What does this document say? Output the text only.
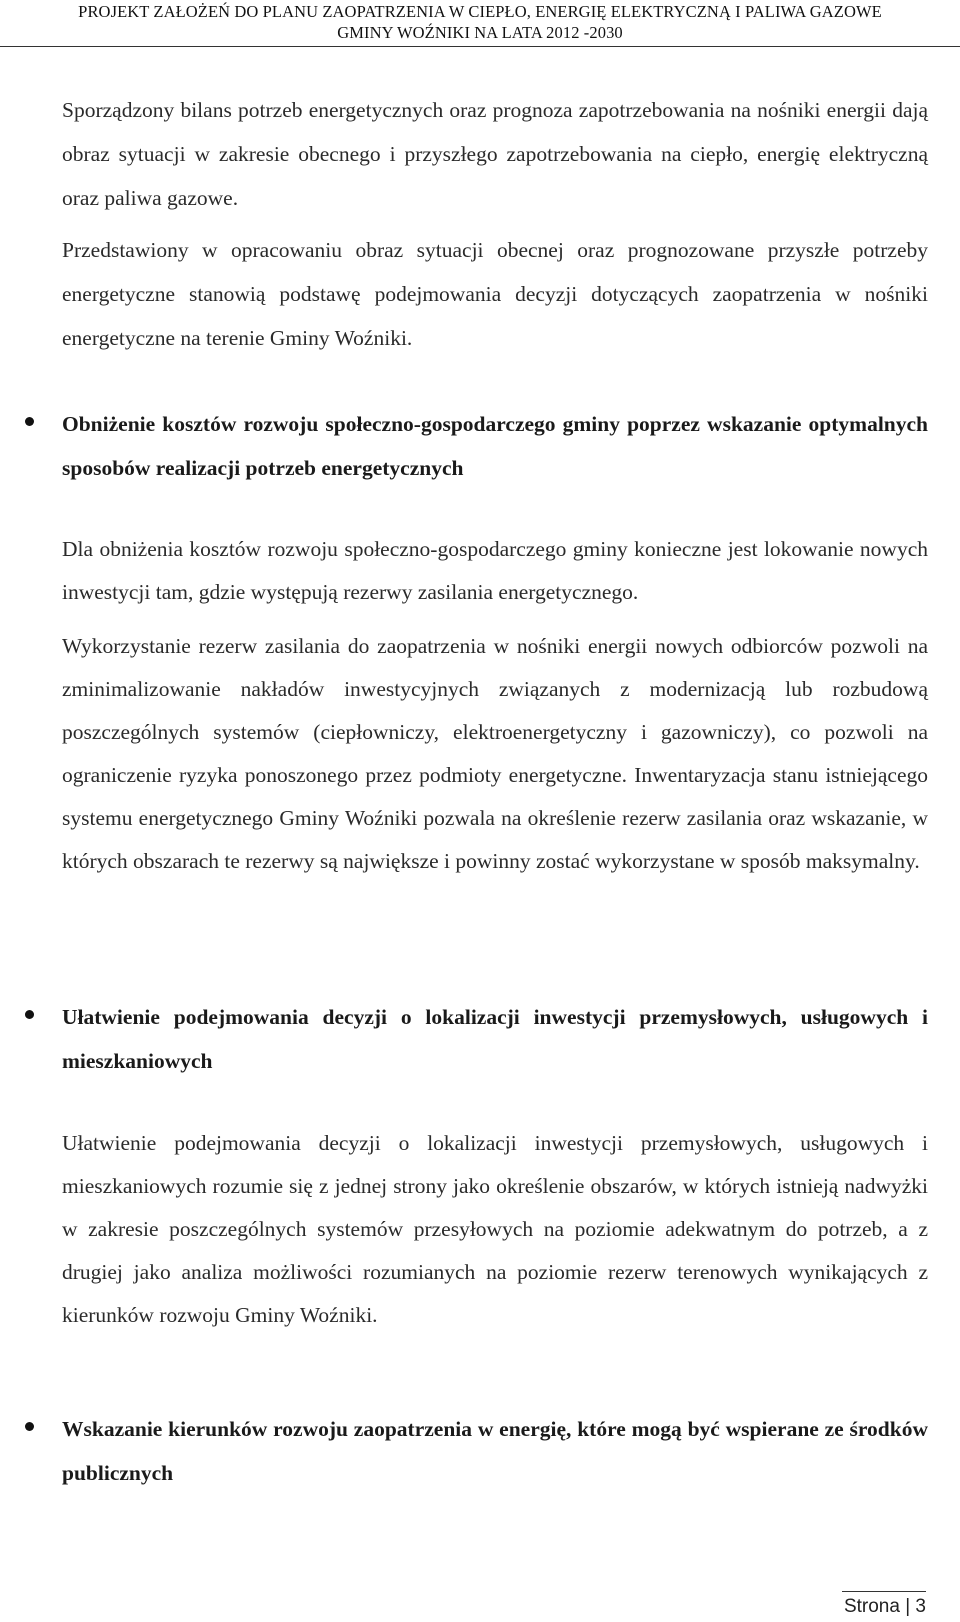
PROJEKT ZAŁOŻEŃ DO PLANU ZAOPATRZENIA W CIEPŁO, ENERGIĘ ELEKTRYCZNĄ I PALIWA GAZOWE
GMINY WOŹNIKI NA LATA 2012 -2030

Sporządzony bilans potrzeb energetycznych oraz prognoza zapotrzebowania na nośniki energii dają obraz sytuacji w zakresie obecnego i przyszłego zapotrzebowania na ciepło, energię elektryczną oraz paliwa gazowe.

Przedstawiony w opracowaniu obraz sytuacji obecnej oraz prognozowane przyszłe potrzeby energetyczne stanowią podstawę podejmowania decyzji dotyczących zaopatrzenia w nośniki energetyczne na terenie Gminy Woźniki.

Obniżenie kosztów rozwoju społeczno-gospodarczego gminy poprzez wskazanie optymalnych sposobów realizacji potrzeb energetycznych

Dla obniżenia kosztów rozwoju społeczno-gospodarczego gminy konieczne jest lokowanie nowych inwestycji tam, gdzie występują rezerwy zasilania energetycznego.

Wykorzystanie rezerw zasilania do zaopatrzenia w nośniki energii nowych odbiorców pozwoli na zminimalizowanie nakładów inwestycyjnych związanych z modernizacją lub rozbudową poszczególnych systemów (ciepłowniczy, elektroenergetyczny i gazowniczy), co pozwoli na ograniczenie ryzyka ponoszonego przez podmioty energetyczne. Inwentaryzacja stanu istniejącego systemu energetycznego Gminy Woźniki pozwala na określenie rezerw zasilania oraz wskazanie, w których obszarach te rezerwy są największe i powinny zostać wykorzystane w sposób maksymalny.

Ułatwienie podejmowania decyzji o lokalizacji inwestycji przemysłowych, usługowych i mieszkaniowych

Ułatwienie podejmowania decyzji o lokalizacji inwestycji przemysłowych, usługowych i mieszkaniowych rozumie się z jednej strony jako określenie obszarów, w których istnieją nadwyżki w zakresie poszczególnych systemów przesyłowych na poziomie adekwatnym do potrzeb, a z drugiej jako analiza możliwości rozumianych na poziomie rezerw terenowych wynikających z kierunków rozwoju Gminy Woźniki.

Wskazanie kierunków rozwoju zaopatrzenia w energię, które mogą być wspierane ze środków publicznych

Strona | 3
